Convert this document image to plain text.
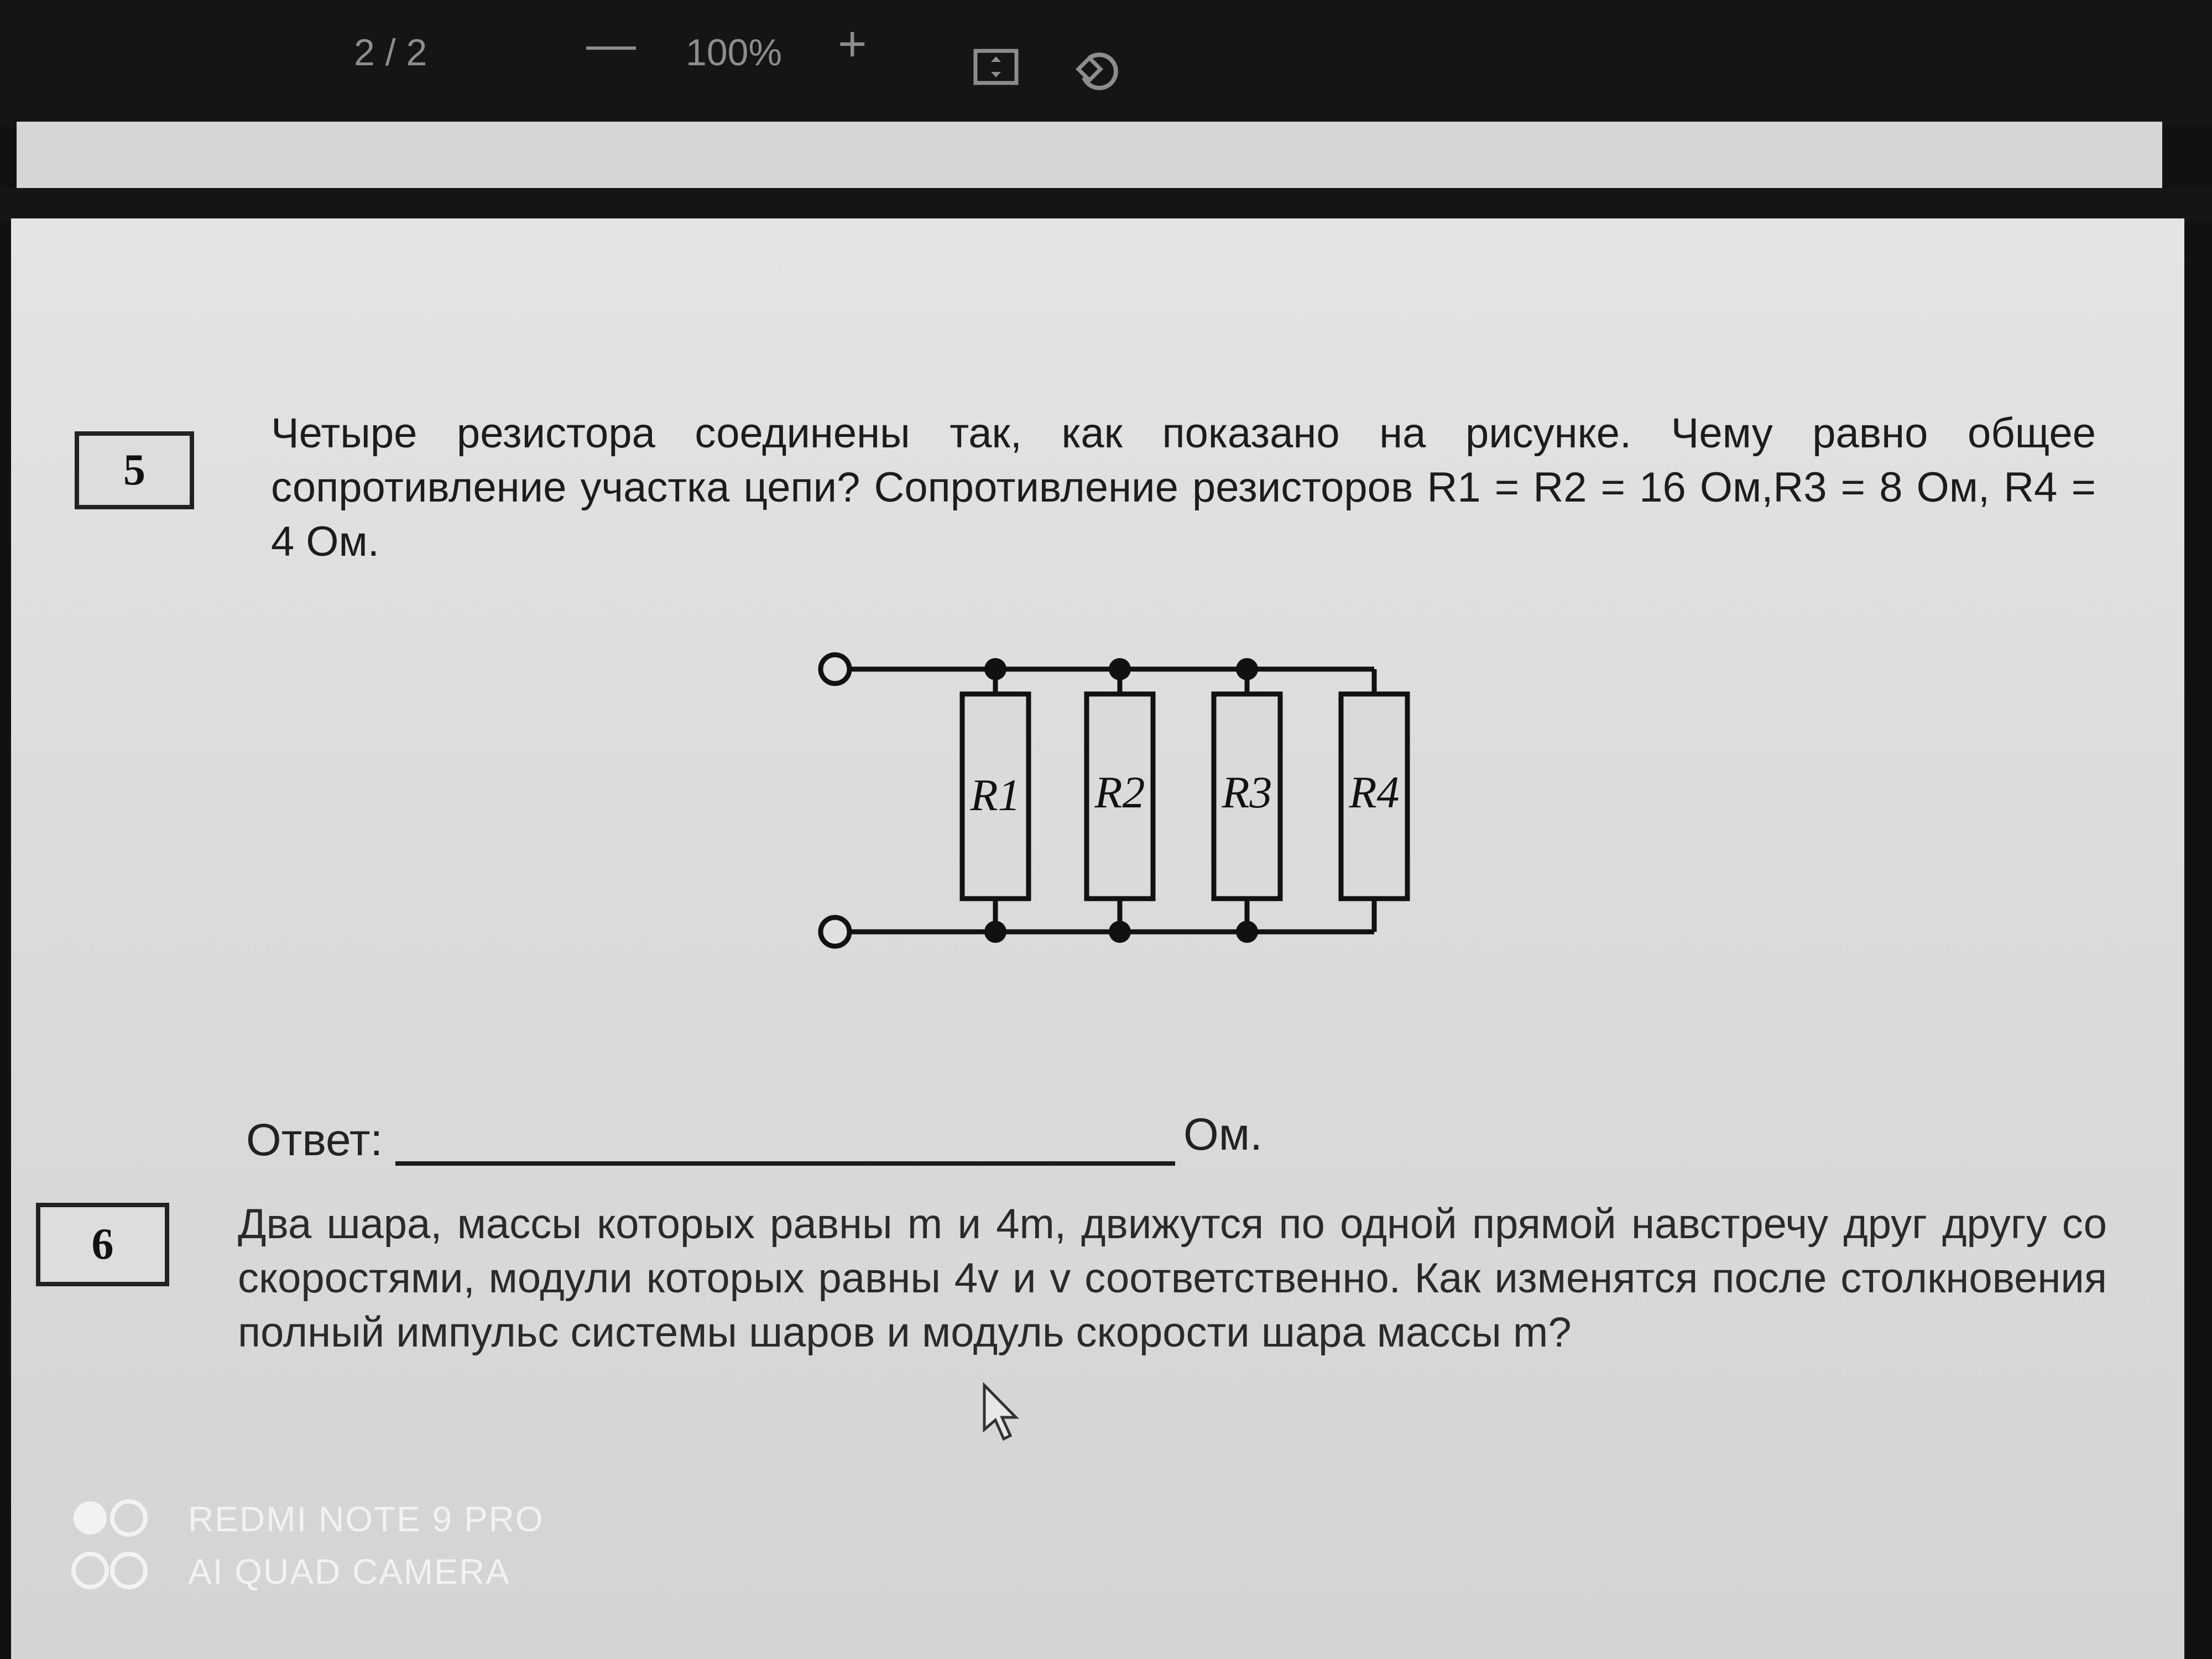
2 / 2	— 100% +
5
Четыре резистора соединены так, как показано на рисунке. Чему равно общее сопротивление участка цепи? Сопротивление резисторов R1 = R2 = 16 Ом,R3 = 8 Ом, R4 = 4 Ом.
R1 R2 R3 R4
Ответ:	Ом.
6	Два шара, массы которых равны m и 4m, движутся по одной прямой навстречу друг другу со скоростями, модули которых равны 4v и v соответственно. Как изменятся после столкновения полный импульс системы шаров и модуль скорости шара массы m?
REDMI NOTE 9 PRO
AI QUAD CAMERA
